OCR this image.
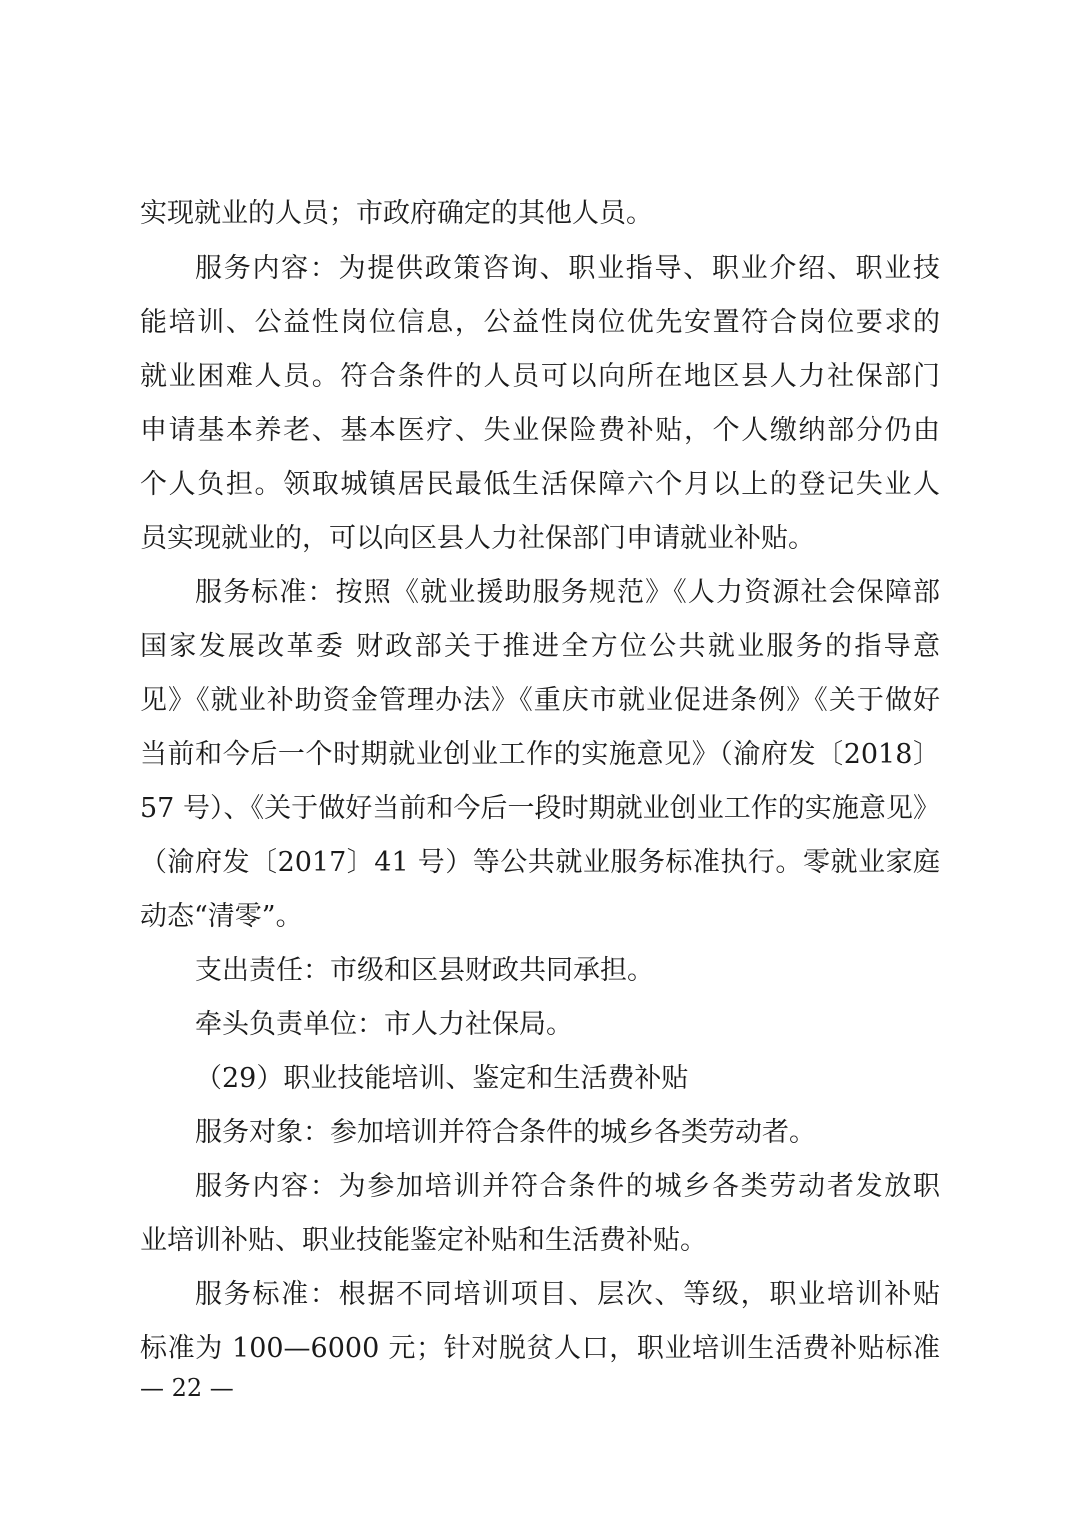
实现就业的人员；市政府确定的其他人员。
服务内容：为提供政策咨询、职业指导、职业介绍、职业技
能培训、公益性岗位信息，公益性岗位优先安置符合岗位要求的
就业困难人员。符合条件的人员可以向所在地区县人力社保部门
申请基本养老、基本医疗、失业保险费补贴，个人缴纳部分仍由
个人负担。领取城镇居民最低生活保障六个月以上的登记失业人
员实现就业的，可以向区县人力社保部门申请就业补贴。
服务标准：按照《就业援助服务规范》《人力资源社会保障部
国家发展改革委 财政部关于推进全方位公共就业服务的指导意
见》《就业补助资金管理办法》《重庆市就业促进条例》《关于做好
当前和今后一个时期就业创业工作的实施意见》（渝府发〔2018〕
57 号）、《关于做好当前和今后一段时期就业创业工作的实施意见》
（渝府发〔2017〕41 号）等公共就业服务标准执行。零就业家庭
动态“清零”。
支出责任：市级和区县财政共同承担。
牵头负责单位：市人力社保局。
（29）职业技能培训、鉴定和生活费补贴
服务对象：参加培训并符合条件的城乡各类劳动者。
服务内容：为参加培训并符合条件的城乡各类劳动者发放职
业培训补贴、职业技能鉴定补贴和生活费补贴。
服务标准：根据不同培训项目、层次、等级，职业培训补贴
标准为 100—6000 元；针对脱贫人口，职业培训生活费补贴标准
— 22 —
